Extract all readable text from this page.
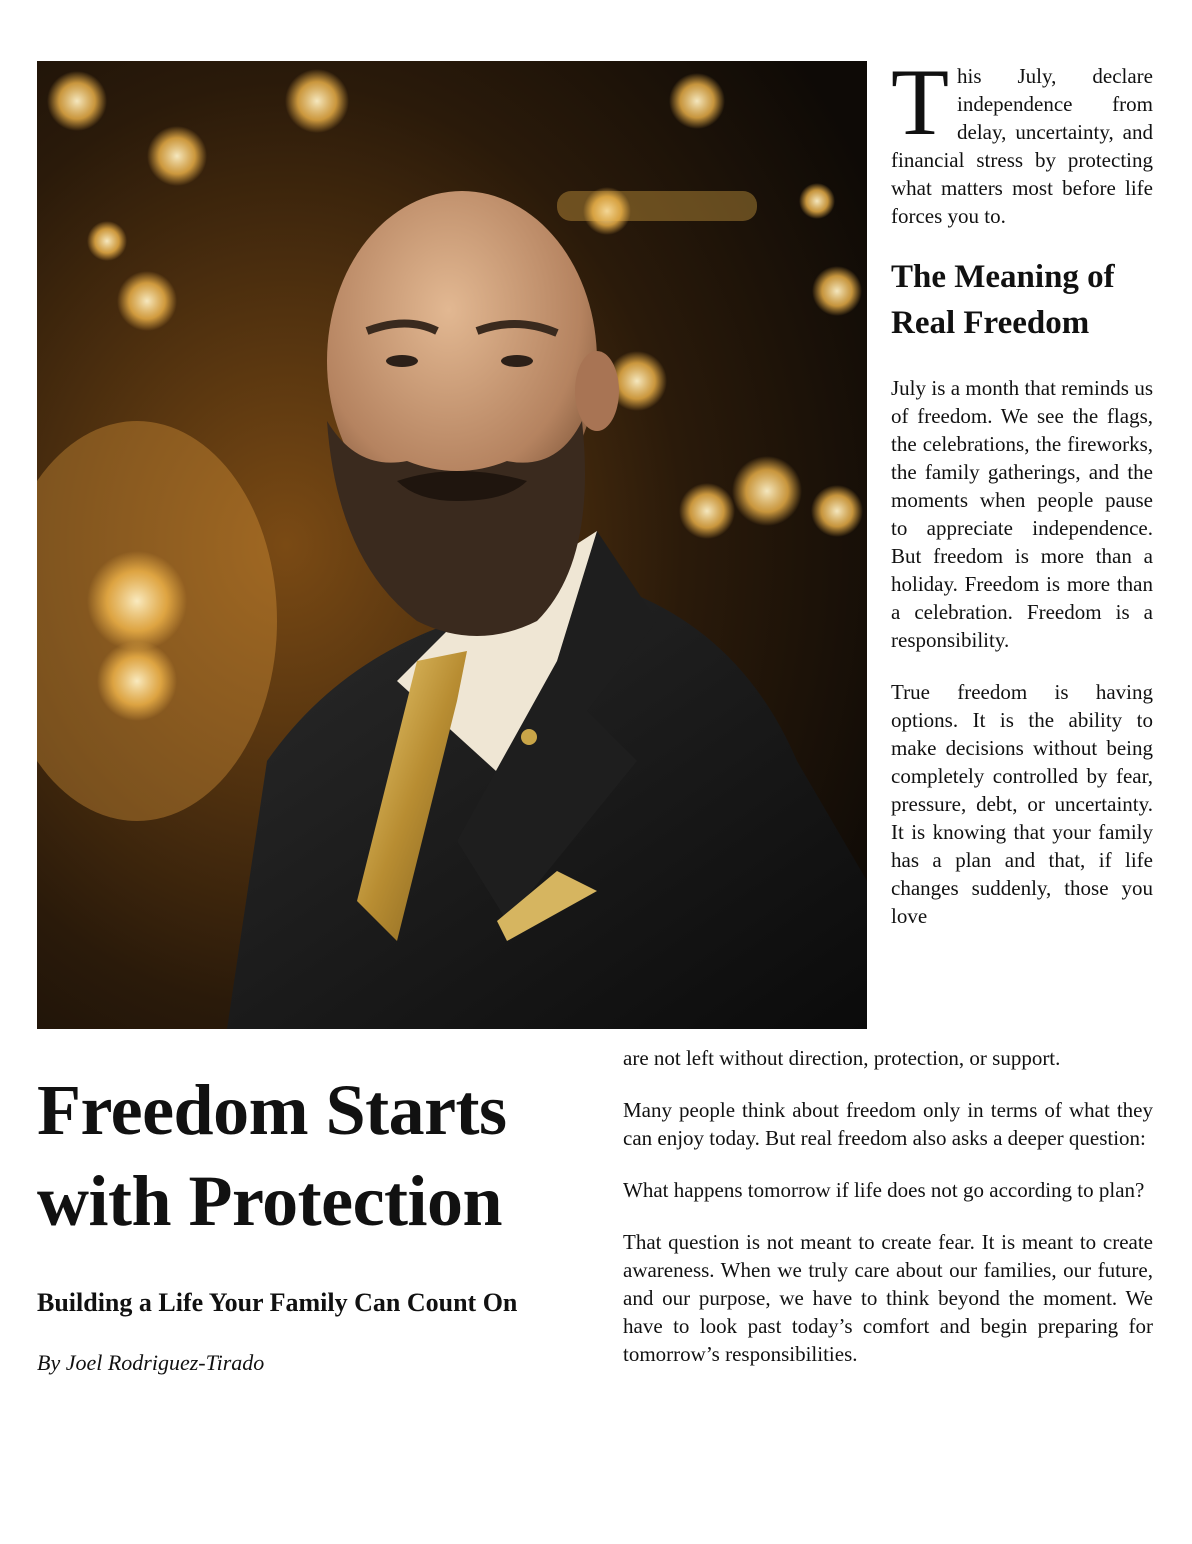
This July, declare independence from delay, uncertainty, and financial stress by protecting what matters most before life forces you to.

The Meaning of Real Freedom

July is a month that reminds us of freedom. We see the flags, the celebrations, the fireworks, the family gatherings, and the moments when people pause to appreciate independence. But freedom is more than a holiday. Freedom is more than a celebration. Freedom is a responsibility.

True freedom is having options. It is the ability to make decisions without being completely controlled by fear, pressure, debt, or uncertainty. It is knowing that your family has a plan and that, if life changes suddenly, those you love

are not left without direction, protection, or support.

Many people think about freedom only in terms of what they can enjoy today. But real freedom also asks a deeper question:

What happens tomorrow if life does not go according to plan?

That question is not meant to create fear. It is meant to create awareness. When we truly care about our families, our future, and our purpose, we have to think beyond the moment. We have to look past today’s comfort and begin preparing for tomorrow’s responsibilities.

Freedom Starts with Protection

Building a Life Your Family Can Count On

By Joel Rodriguez-Tirado
